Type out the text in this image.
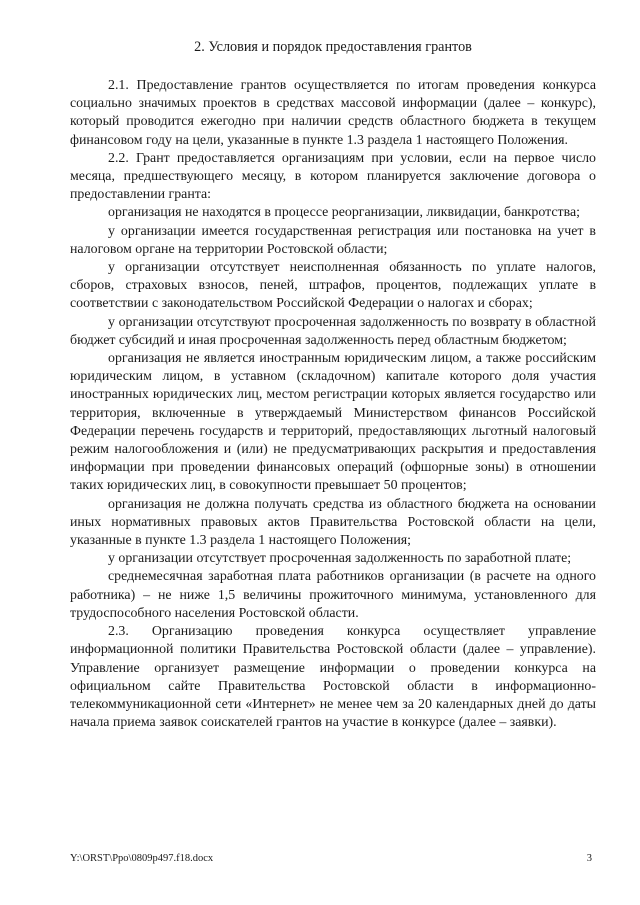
2. Условия и порядок предоставления грантов

2.1. Предоставление грантов осуществляется по итогам проведения конкурса социально значимых проектов в средствах массовой информации (далее – конкурс), который проводится ежегодно при наличии средств областного бюджета в текущем финансовом году на цели, указанные в пункте 1.3 раздела 1 настоящего Положения.

2.2. Грант предоставляется организациям при условии, если на первое число месяца, предшествующего месяцу, в котором планируется заключение договора о предоставлении гранта:

организация не находятся в процессе реорганизации, ликвидации, банкротства;

у организации имеется государственная регистрация или постановка на учет в налоговом органе на территории Ростовской области;

у организации отсутствует неисполненная обязанность по уплате налогов, сборов, страховых взносов, пеней, штрафов, процентов, подлежащих уплате в соответствии с законодательством Российской Федерации о налогах и сборах;

у организации отсутствуют просроченная задолженность по возврату в областной бюджет субсидий и иная просроченная задолженность перед областным бюджетом;

организация не является иностранным юридическим лицом, а также российским юридическим лицом, в уставном (складочном) капитале которого доля участия иностранных юридических лиц, местом регистрации которых является государство или территория, включенные в утверждаемый Министерством финансов Российской Федерации перечень государств и территорий, предоставляющих льготный налоговый режим налогообложения и (или) не предусматривающих раскрытия и предоставления информации при проведении финансовых операций (офшорные зоны) в отношении таких юридических лиц, в совокупности превышает 50 процентов;

организация не должна получать средства из областного бюджета на основании иных нормативных правовых актов Правительства Ростовской области на цели, указанные в пункте 1.3 раздела 1 настоящего Положения;

у организации отсутствует просроченная задолженность по заработной плате;

среднемесячная заработная плата работников организации (в расчете на одного работника) – не ниже 1,5 величины прожиточного минимума, установленного для трудоспособного населения Ростовской области.

2.3. Организацию проведения конкурса осуществляет управление информационной политики Правительства Ростовской области (далее – управление). Управление организует размещение информации о проведении конкурса на официальном сайте Правительства Ростовской области в информационно-телекоммуникационной сети «Интернет» не менее чем за 20 календарных дней до даты начала приема заявок соискателей грантов на участие в конкурсе (далее – заявки).

Y:\ORST\Ppo\0809p497.f18.docx	3
